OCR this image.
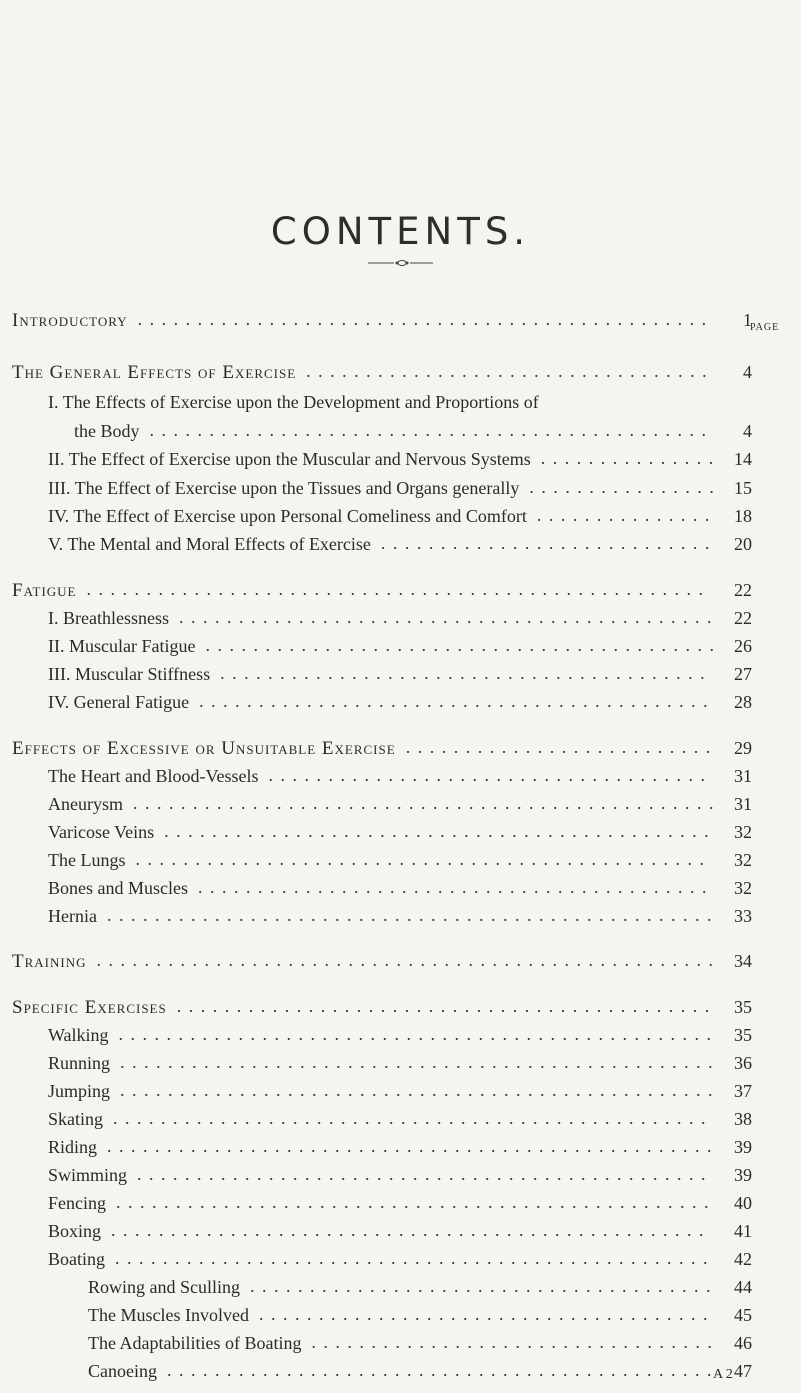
CONTENTS.
PAGE
Introductory	1
................................................
The General Effects of Exercise	4
..................................
I. The Effects of Exercise upon the Development and Proportions of
the Body	4
...............................................
II. The Effect of Exercise upon the Muscular and Nervous Systems	14
...............
III. The Effect of Exercise upon the Tissues and Organs generally	15
................
IV. The Effect of Exercise upon Personal Comeliness and Comfort	18
...............
V. The Mental and Moral Effects of Exercise	20
............................
Fatigue	22
....................................................
I. Breathlessness	22
.............................................
II. Muscular Fatigue	26
...........................................
III. Muscular Stiffness	27
.........................................
IV. General Fatigue	28
...........................................
Effects of Excessive or Unsuitable Exercise	29
..........................
The Heart and Blood-Vessels	31
.....................................
Aneurysm	31
.................................................
Varicose Veins	32
..............................................
The Lungs	32
................................................
Bones and Muscles	32
...........................................
Hernia	33
...................................................
Training	34
....................................................
Specific Exercises	35
.............................................
Walking	35
..................................................
Running	36
..................................................
Jumping	37
..................................................
Skating	38
..................................................
Riding	39
...................................................
Swimming	39
................................................
Fencing	40
..................................................
Boxing	41
..................................................
Boating	42
..................................................
Rowing and Sculling	44
.......................................
The Muscles Involved	45
......................................
The Adaptabilities of Boating	46
..................................
Canoeing	47
..............................................
A 2
